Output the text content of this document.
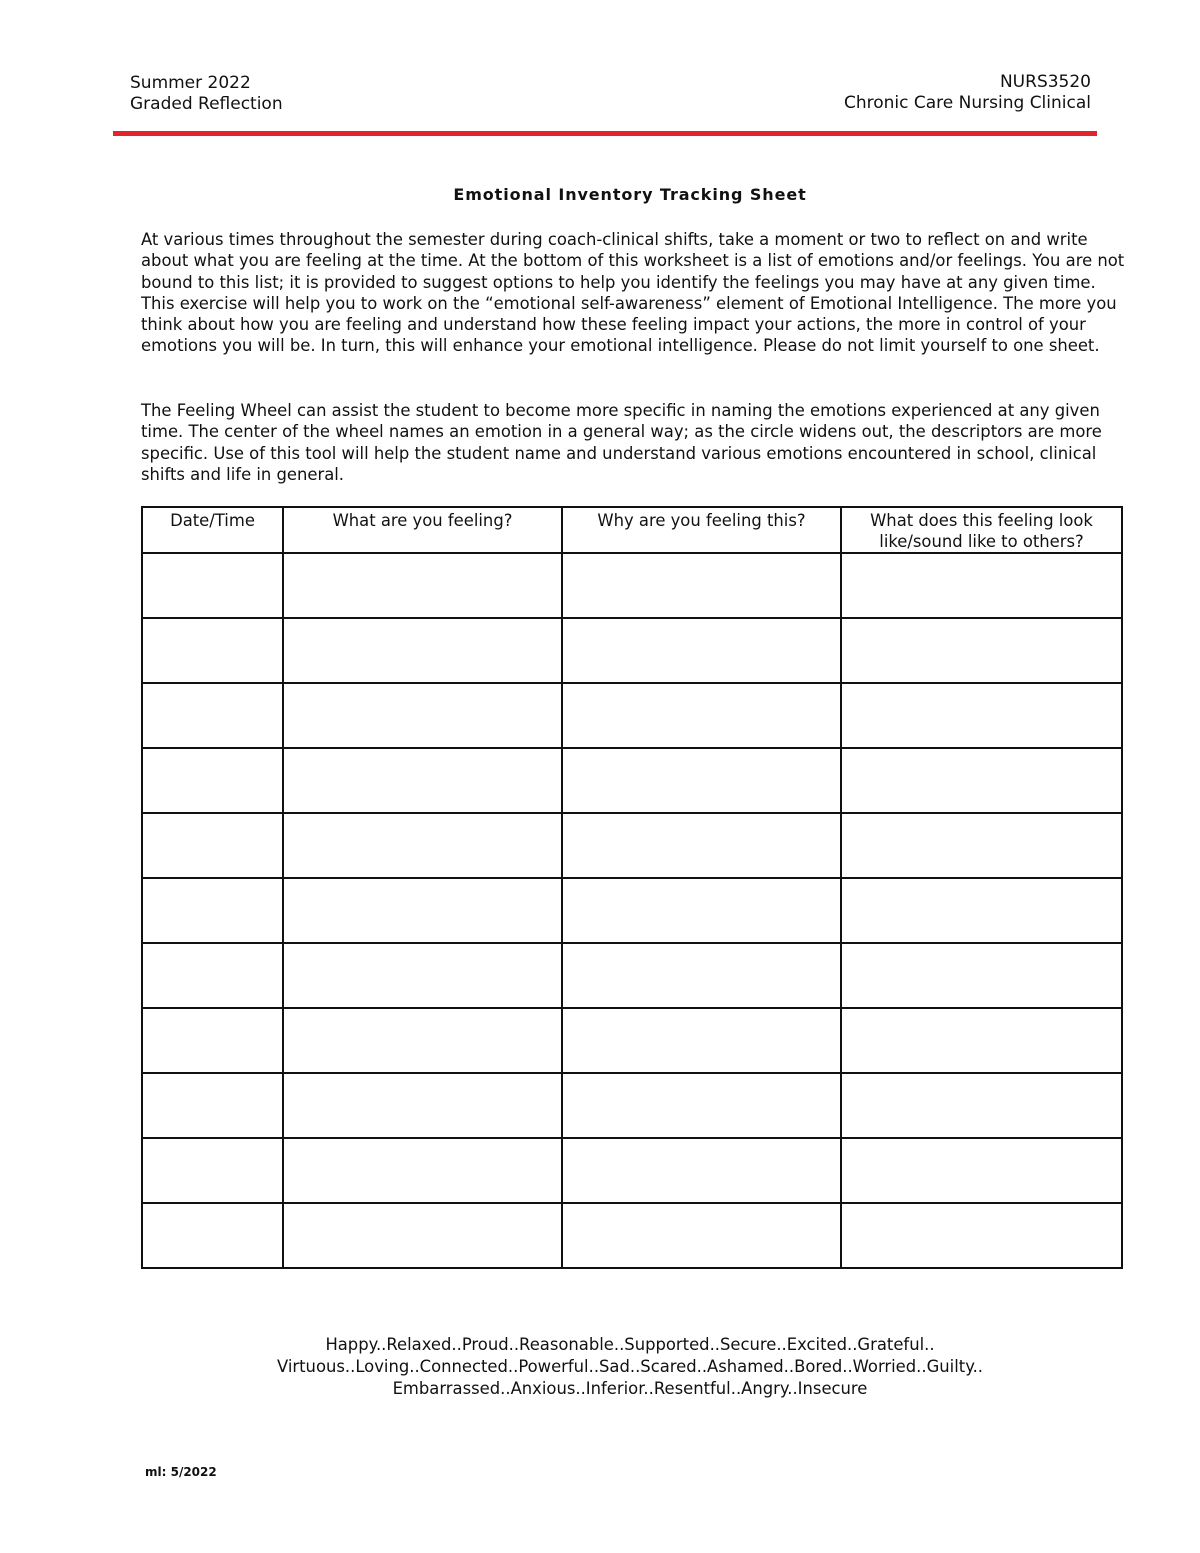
Summer 2022
Graded Reflection
NURS3520
Chronic Care Nursing Clinical
Emotional Inventory Tracking Sheet

At various times throughout the semester during coach-clinical shifts, take a moment or two to reflect on and write about what you are feeling at the time. At the bottom of this worksheet is a list of emotions and/or feelings. You are not bound to this list; it is provided to suggest options to help you identify the feelings you may have at any given time. This exercise will help you to work on the “emotional self-awareness” element of Emotional Intelligence. The more you think about how you are feeling and understand how these feeling impact your actions, the more in control of your emotions you will be. In turn, this will enhance your emotional intelligence. Please do not limit yourself to one sheet.

The Feeling Wheel can assist the student to become more specific in naming the emotions experienced at any given time. The center of the wheel names an emotion in a general way; as the circle widens out, the descriptors are more specific. Use of this tool will help the student name and understand various emotions encountered in school, clinical shifts and life in general.

Date/Time	What are you feeling?	Why are you feeling this?	What does this feeling look like/sound like to others?

Happy..Relaxed..Proud..Reasonable..Supported..Secure..Excited..Grateful..
Virtuous..Loving..Connected..Powerful..Sad..Scared..Ashamed..Bored..Worried..Guilty..
Embarrassed..Anxious..Inferior..Resentful..Angry..Insecure
ml: 5/2022
